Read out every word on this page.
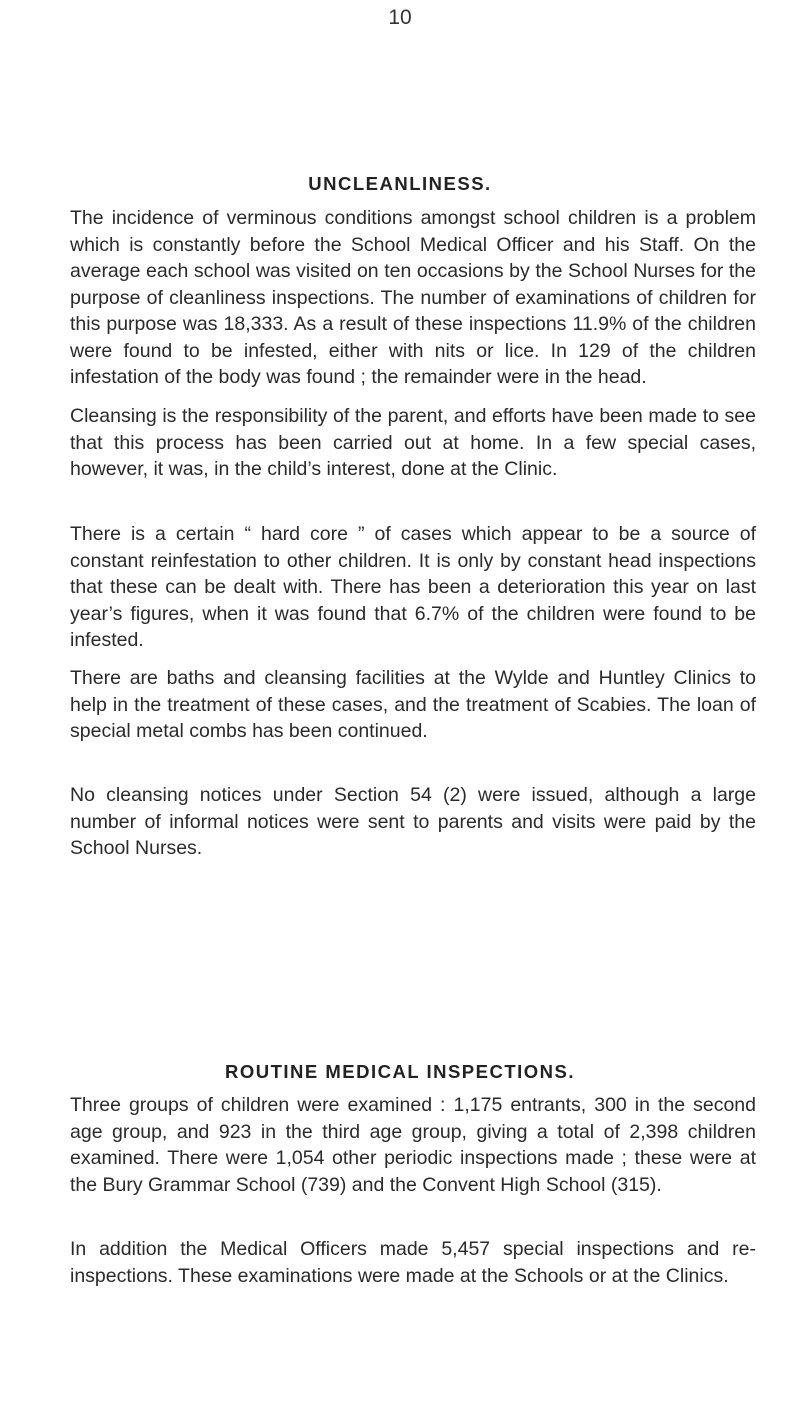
10
UNCLEANLINESS.

The incidence of verminous conditions amongst school children is a problem which is constantly before the School Medical Officer and his Staff. On the average each school was visited on ten occasions by the School Nurses for the purpose of cleanliness inspections. The number of examinations of children for this purpose was 18,333. As a result of these inspections 11.9% of the children were found to be infested, either with nits or lice. In 129 of the children infestation of the body was found ; the remainder were in the head.

Cleansing is the responsibility of the parent, and efforts have been made to see that this process has been carried out at home. In a few special cases, however, it was, in the child’s interest, done at the Clinic.

There is a certain “ hard core ” of cases which appear to be a source of constant reinfestation to other children. It is only by constant head inspections that these can be dealt with. There has been a deterioration this year on last year’s figures, when it was found that 6.7% of the children were found to be infested.

There are baths and cleansing facilities at the Wylde and Huntley Clinics to help in the treatment of these cases, and the treatment of Scabies. The loan of special metal combs has been continued.

No cleansing notices under Section 54 (2) were issued, although a large number of informal notices were sent to parents and visits were paid by the School Nurses.

ROUTINE MEDICAL INSPECTIONS.

Three groups of children were examined : 1,175 entrants, 300 in the second age group, and 923 in the third age group, giving a total of 2,398 children examined. There were 1,054 other periodic inspections made ; these were at the Bury Grammar School (739) and the Convent High School (315).

In addition the Medical Officers made 5,457 special inspections and re-inspections. These examinations were made at the Schools or at the Clinics.
